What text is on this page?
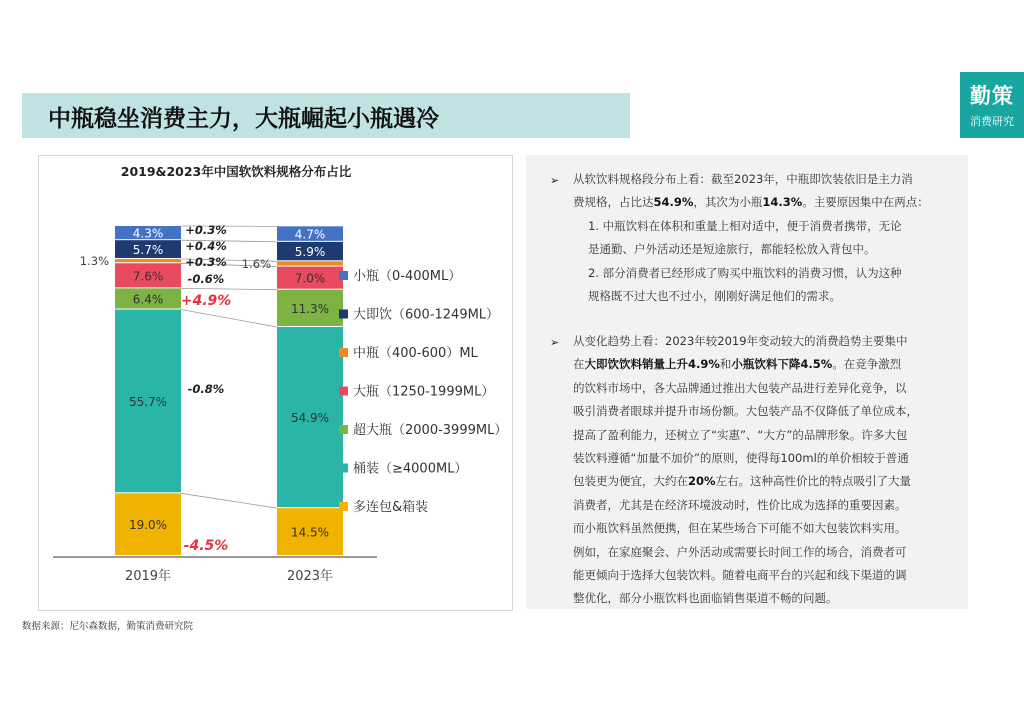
中瓶稳坐消费主力，大瓶崛起小瓶遇冷
勤策
消费研究
2019&2023年中国软饮料规格分布占比
19.0%
55.7%
6.4%
7.6%
1.3%
5.7%
4.3%
14.5%
54.9%
11.3%
7.0%
1.6%
5.9%
4.7%
-4.5%
-0.8%
+4.9%
-0.6%
+0.3%
+0.4%
+0.3%
2019年	2023年
小瓶（0-400ML）
大即饮（600-1249ML）
中瓶（400-600）ML
大瓶（1250-1999ML）
超大瓶（2000-3999ML）
桶装（≥4000ML）
多连包&箱装
➢ 从软饮料规格段分布上看：截至2023年，中瓶即饮装依旧是主力消
费规格，占比达54.9%，其次为小瓶14.3%。主要原因集中在两点：
1. 中瓶饮料在体积和重量上相对适中，便于消费者携带，无论
是通勤、户外活动还是短途旅行，都能轻松放入背包中。
2. 部分消费者已经形成了购买中瓶饮料的消费习惯，认为这种
规格既不过大也不过小，刚刚好满足他们的需求。
➢ 从变化趋势上看：2023年较2019年变动较大的消费趋势主要集中
在大即饮饮料销量上升4.9%和小瓶饮料下降4.5%。在竞争激烈
的饮料市场中，各大品牌通过推出大包装产品进行差异化竞争，以
吸引消费者眼球并提升市场份额。大包装产品不仅降低了单位成本，
提高了盈利能力，还树立了“实惠”、“大方”的品牌形象。许多大包
装饮料遵循“加量不加价”的原则，使得每100ml的单价相较于普通
包装更为便宜，大约在20%左右。这种高性价比的特点吸引了大量
消费者，尤其是在经济环境波动时，性价比成为选择的重要因素。
而小瓶饮料虽然便携，但在某些场合下可能不如大包装饮料实用。
例如，在家庭聚会、户外活动或需要长时间工作的场合，消费者可
能更倾向于选择大包装饮料。随着电商平台的兴起和线下渠道的调
整优化，部分小瓶饮料也面临销售渠道不畅的问题。
数据来源：尼尔森数据，勤策消费研究院
